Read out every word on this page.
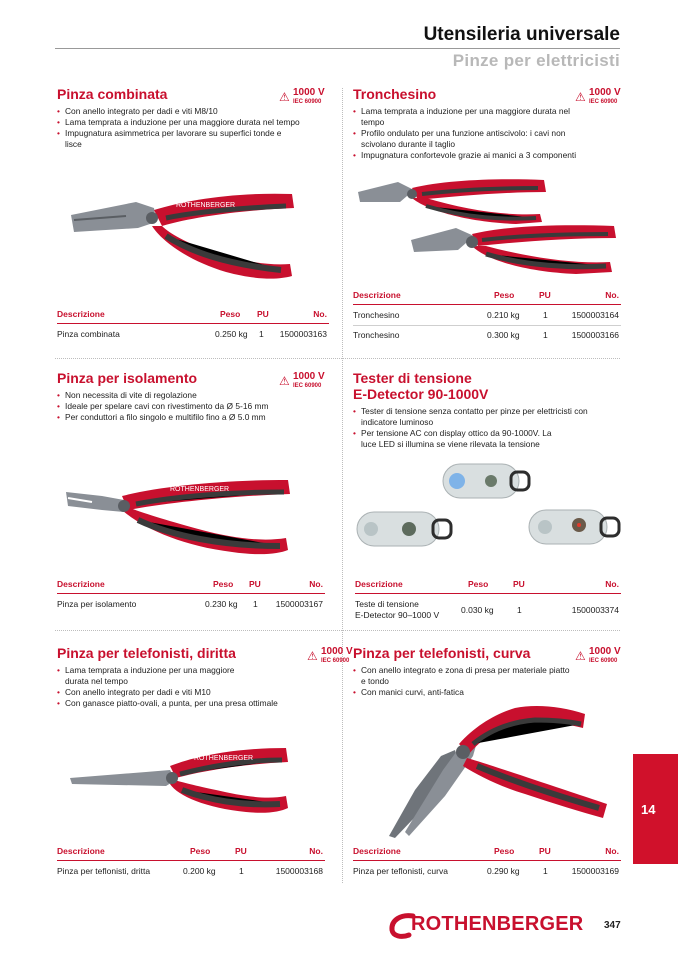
Utensileria universale
Pinze per elettricisti
Pinza combinata	⚠ 1000 V
IEC 60900
• Con anello integrato per dadi e viti M8/10
• Lama temprata a induzione per una maggiore durata nel tempo
• Impugnatura asimmetrica per lavorare su superfici tonde e lisce
ROTHENBERGER
Descrizione	Peso PU	No.
Pinza combinata	0.250 kg 1 1500003163
Tronchesino	⚠ 1000 V
IEC 60900
• Lama temprata a induzione per una maggiore durata nel tempo
• Profilo ondulato per una funzione antiscivolo: i cavi non scivolano durante il taglio
• Impugnatura confortevole grazie ai manici a 3 componenti
Descrizione	Peso	PU	No.
Tronchesino	0.210 kg	1	1500003164
Tronchesino	0.300 kg	1	1500003166
Pinza per isolamento	⚠ 1000 V
IEC 60900
• Non necessita di vite di regolazione
• Ideale per spelare cavi con rivestimento da Ø 5-16 mm
• Per conduttori a filo singolo e multifilo fino a Ø 5.0 mm
ROTHENBERGER
Descrizione	Peso PU	No.
Pinza per isolamento	0.230 kg 1 1500003167
Tester di tensione
E-Detector 90-1000V
• Tester di tensione senza contatto per pinze per elettricisti con indicatore luminoso
• Per tensione AC con display ottico da 90-1000V. La luce LED si illumina se viene rilevata la tensione
Descrizione	Peso	PU	No.
Teste di tensione
E-Detector 90–1000 V	0.030 kg	1	1500003374
Pinza per telefonisti, diritta	⚠ 1000 V
IEC 60900
• Lama temprata a induzione per una maggiore durata nel tempo
• Con anello integrato per dadi e viti M10
• Con ganasce piatto-ovali, a punta, per una presa ottimale
ROTHENBERGER
Descrizione	Peso	PU	No.
Pinza per teflonisti, dritta	0.200 kg	1	1500003168
Pinza per telefonisti, curva	⚠ 1000 V
IEC 60900
• Con anello integrato e zona di presa per materiale piatto e tondo
• Con manici curvi, anti-fatica
Descrizione	Peso	PU	No.
Pinza per teflonisti, curva	0.290 kg	1	1500003169
14
ROTHENBERGER 347
